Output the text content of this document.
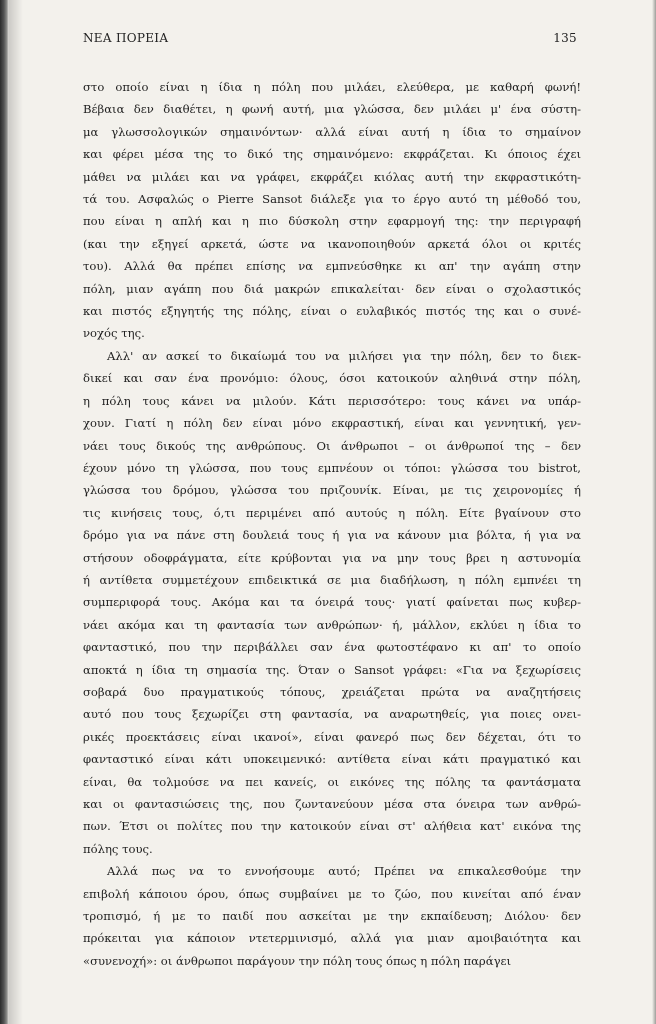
ΝΕΑ ΠΟΡΕΙΑ	135
στο οποίο είναι η ίδια η πόλη που μιλάει, ελεύθερα, με καθαρή φωνή!
Βέβαια δεν διαθέτει, η φωνή αυτή, μια γλώσσα, δεν μιλάει μ' ένα σύστη-
μα γλωσσολογικών σημαινόντων· αλλά είναι αυτή η ίδια το σημαίνον
και φέρει μέσα της το δικό της σημαινόμενο: εκφράζεται. Κι όποιος έχει
μάθει να μιλάει και να γράφει, εκφράζει κιόλας αυτή την εκφραστικότη-
τά του. Ασφαλώς ο Pierre Sansot διάλεξε για το έργο αυτό τη μέθοδό του,
που είναι η απλή και η πιο δύσκολη στην εφαρμογή της: την περιγραφή
(και την εξηγεί αρκετά, ώστε να ικανοποιηθούν αρκετά όλοι οι κριτές
του). Αλλά θα πρέπει επίσης να εμπνεύσθηκε κι απ' την αγάπη στην
πόλη, μιαν αγάπη που διά μακρών επικαλείται· δεν είναι ο σχολαστικός
και πιστός εξηγητής της πόλης, είναι ο ευλαβικός πιστός της και ο συνέ-
νοχός της.
Αλλ' αν ασκεί το δικαίωμά του να μιλήσει για την πόλη, δεν το διεκ-
δικεί και σαν ένα προνόμιο: όλους, όσοι κατοικούν αληθινά στην πόλη,
η πόλη τους κάνει να μιλούν. Κάτι περισσότερο: τους κάνει να υπάρ-
χουν. Γιατί η πόλη δεν είναι μόνο εκφραστική, είναι και γεννητική, γεν-
νάει τους δικούς της ανθρώπους. Οι άνθρωποι – οι άνθρωποί της – δεν
έχουν μόνο τη γλώσσα, που τους εμπνέουν οι τόποι: γλώσσα του bistrot,
γλώσσα του δρόμου, γλώσσα του πριζουνίκ. Είναι, με τις χειρονομίες ή
τις κινήσεις τους, ό,τι περιμένει από αυτούς η πόλη. Είτε βγαίνουν στο
δρόμο για να πάνε στη δουλειά τους ή για να κάνουν μια βόλτα, ή για να
στήσουν οδοφράγματα, είτε κρύβονται για να μην τους βρει η αστυνομία
ή αντίθετα συμμετέχουν επιδεικτικά σε μια διαδήλωση, η πόλη εμπνέει τη
συμπεριφορά τους. Ακόμα και τα όνειρά τους· γιατί φαίνεται πως κυβερ-
νάει ακόμα και τη φαντασία των ανθρώπων· ή, μάλλον, εκλύει η ίδια το
φανταστικό, που την περιβάλλει σαν ένα φωτοστέφανο κι απ' το οποίο
αποκτά η ίδια τη σημασία της. Όταν ο Sansot γράφει: «Για να ξεχωρίσεις
σοβαρά δυο πραγματικούς τόπους, χρειάζεται πρώτα να αναζητήσεις
αυτό που τους ξεχωρίζει στη φαντασία, να αναρωτηθείς, για ποιες ονει-
ρικές προεκτάσεις είναι ικανοί», είναι φανερό πως δεν δέχεται, ότι το
φανταστικό είναι κάτι υποκειμενικό: αντίθετα είναι κάτι πραγματικό και
είναι, θα τολμούσε να πει κανείς, οι εικόνες της πόλης τα φαντάσματα
και οι φαντασιώσεις της, που ζωντανεύουν μέσα στα όνειρα των ανθρώ-
πων. Έτσι οι πολίτες που την κατοικούν είναι στ' αλήθεια κατ' εικόνα της
πόλης τους.
Αλλά πως να το εννοήσουμε αυτό; Πρέπει να επικαλεσθούμε την
επιβολή κάποιου όρου, όπως συμβαίνει με το ζώο, που κινείται από έναν
τροπισμό, ή με το παιδί που ασκείται με την εκπαίδευση; Διόλου· δεν
πρόκειται για κάποιον ντετερμινισμό, αλλά για μιαν αμοιβαιότητα και
«συνενοχή»: οι άνθρωποι παράγουν την πόλη τους όπως η πόλη παράγει
